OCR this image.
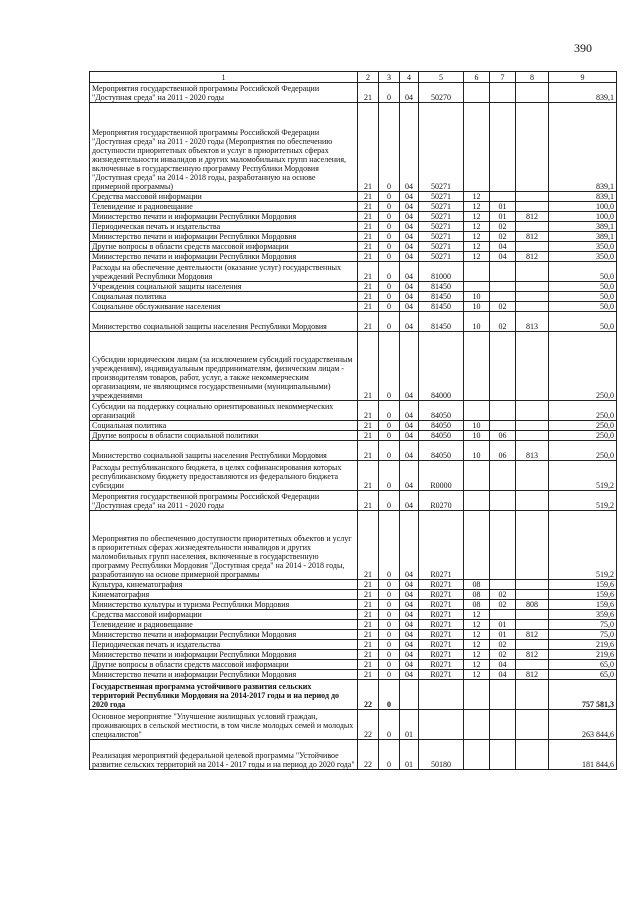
390
1	2	3	4	5	6	7	8	9
Мероприятия государственной программы Российской Федерации "Доступная среда" на 2011 - 2020 годы	21	0	04	50270				839,1
Мероприятия государственной программы Российской Федерации "Доступная среда" на 2011 - 2020 годы (Мероприятия по обеспечению доступности приоритетных объектов и услуг в приоритетных сферах жизнедеятельности инвалидов и других маломобильных групп населения, включенные в государственную программу Республики Мордовия "Доступная среда" на 2014 - 2018 годы, разработанную на основе примерной программы)	21	0	04	50271				839,1
Средства массовой информации	21	0	04	50271	12			839,1
Телевидение и радиовещание	21	0	04	50271	12	01		100,0
Министерство печати и информации Республики Мордовия	21	0	04	50271	12	01	812	100,0
Периодическая печать и издательства	21	0	04	50271	12	02		389,1
Министерство печати и информации Республики Мордовия	21	0	04	50271	12	02	812	389,1
Другие вопросы в области средств массовой информации	21	0	04	50271	12	04		350,0
Министерство печати и информации Республики Мордовия	21	0	04	50271	12	04	812	350,0
Расходы на обеспечение деятельности (оказание услуг) государственных учреждений Республики Мордовия	21	0	04	81000				50,0
Учреждения социальной защиты населения	21	0	04	81450				50,0
Социальная политика	21	0	04	81450	10			50,0
Социальное обслуживание населения	21	0	04	81450	10	02		50,0
Министерство социальной защиты населения Республики Мордовия	21	0	04	81450	10	02	813	50,0
Субсидии юридическим лицам (за исключением субсидий государственным учреждениям), индивидуальным предпринимателям, физическим лицам - производителям товаров, работ, услуг, а также некоммерческим организациям, не являющимся государственными (муниципальными) учреждениями	21	0	04	84000				250,0
Субсидии на поддержку социально ориентированных некоммерческих организаций	21	0	04	84050				250,0
Социальная политика	21	0	04	84050	10			250,0
Другие вопросы в области социальной политики	21	0	04	84050	10	06		250,0
Министерство социальной защиты населения Республики Мордовия	21	0	04	84050	10	06	813	250,0
Расходы республиканского бюджета, в целях софинансирования которых республиканскому бюджету предоставляются из федерального бюджета субсидии	21	0	04	R0000				519,2
Мероприятия государственной программы Российской Федерации "Доступная среда" на 2011 - 2020 годы	21	0	04	R0270				519,2
Мероприятия по обеспечению доступности приоритетных объектов и услуг в приоритетных сферах жизнедеятельности инвалидов и других маломобильных групп населения, включенные в государственную программу Республики Мордовия "Доступная среда" на 2014 - 2018 годы, разработанную на основе примерной программы	21	0	04	R0271				519,2
Культура, кинематография	21	0	04	R0271	08			159,6
Кинематография	21	0	04	R0271	08	02		159,6
Министерство культуры и туризма Республики Мордовия	21	0	04	R0271	08	02	808	159,6
Средства массовой информации	21	0	04	R0271	12			359,6
Телевидение и радиовещание	21	0	04	R0271	12	01		75,0
Министерство печати и информации Республики Мордовия	21	0	04	R0271	12	01	812	75,0
Периодическая печать и издательства	21	0	04	R0271	12	02		219,6
Министерство печати и информации Республики Мордовия	21	0	04	R0271	12	02	812	219,6
Другие вопросы в области средств массовой информации	21	0	04	R0271	12	04		65,0
Министерство печати и информации Республики Мордовия	21	0	04	R0271	12	04	812	65,0
Государственная программа устойчивого развития сельских территорий Республики Мордовия на 2014-2017 годы и на период до 2020 года	22	0						757 581,3
Основное мероприятие "Улучшение жилищных условий граждан, проживающих в сельской местности, в том числе молодых семей и молодых специалистов"	22	0	01					263 844,6
Реализация мероприятий федеральной целевой программы "Устойчивое развитие сельских территорий на 2014 - 2017 годы и на период до 2020 года"	22	0	01	50180				181 844,6
